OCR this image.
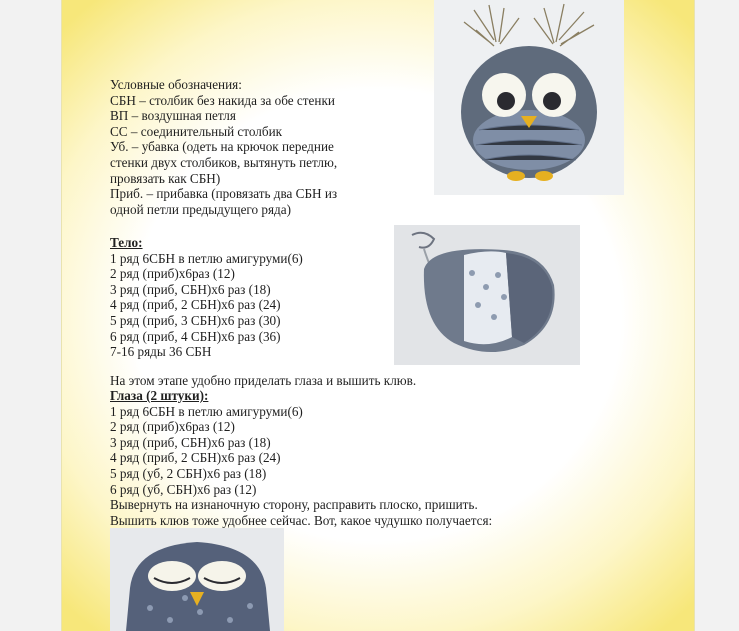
Условные обозначения:
СБН – столбик без накида за обе стенки
ВП – воздушная петля
СС – соединительный столбик
Уб. – убавка (одеть на крючок передние
стенки двух столбиков, вытянуть петлю,
провязать как СБН)
Приб. – прибавка (провязать два СБН из
одной петли предыдущего ряда)
Тело:
1 ряд 6СБН в петлю амигуруми(6)
2 ряд (приб)х6раз (12)
3 ряд (приб, СБН)х6 раз (18)
4 ряд (приб, 2 СБН)х6 раз (24)
5 ряд (приб, 3 СБН)х6 раз (30)
6 ряд (приб, 4 СБН)х6 раз (36)
7-16 ряды 36 СБН
На этом этапе удобно приделать глаза и вышить клюв.
Глаза (2 штуки):
1 ряд 6СБН в петлю амигуруми(6)
2 ряд (приб)х6раз (12)
3 ряд (приб, СБН)х6 раз (18)
4 ряд (приб, 2 СБН)х6 раз (24)
5 ряд (уб, 2 СБН)х6 раз (18)
6 ряд (уб, СБН)х6 раз (12)
Вывернуть на изнаночную сторону, расправить плоско, пришить.
Вышить клюв тоже удобнее сейчас. Вот, какое чудушко получается:
